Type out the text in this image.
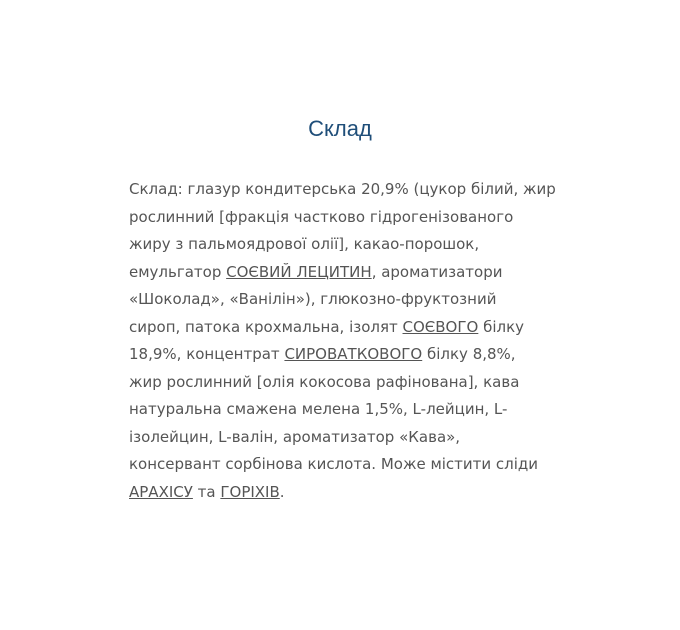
Склад
Склад: глазур кондитерська 20,9% (цукор білий, жир
рослинний [фракція частково гідрогенізованого
жиру з пальмоядрової олії], какао-порошок,
емульгатор СОЄВИЙ ЛЕЦИТИН, ароматизатори
«Шоколад», «Ванілін»), глюкозно-фруктозний
сироп, патока крохмальна, ізолят СОЄВОГО білку
18,9%, концентрат СИРОВАТКОВОГО білку 8,8%,
жир рослинний [олія кокосова рафінована], кава
натуральна смажена мелена 1,5%, L-лейцин, L-
ізолейцин, L-валін, ароматизатор «Кава»,
консервант сорбінова кислота. Може містити сліди
АРАХІСУ та ГОРІХІВ.
